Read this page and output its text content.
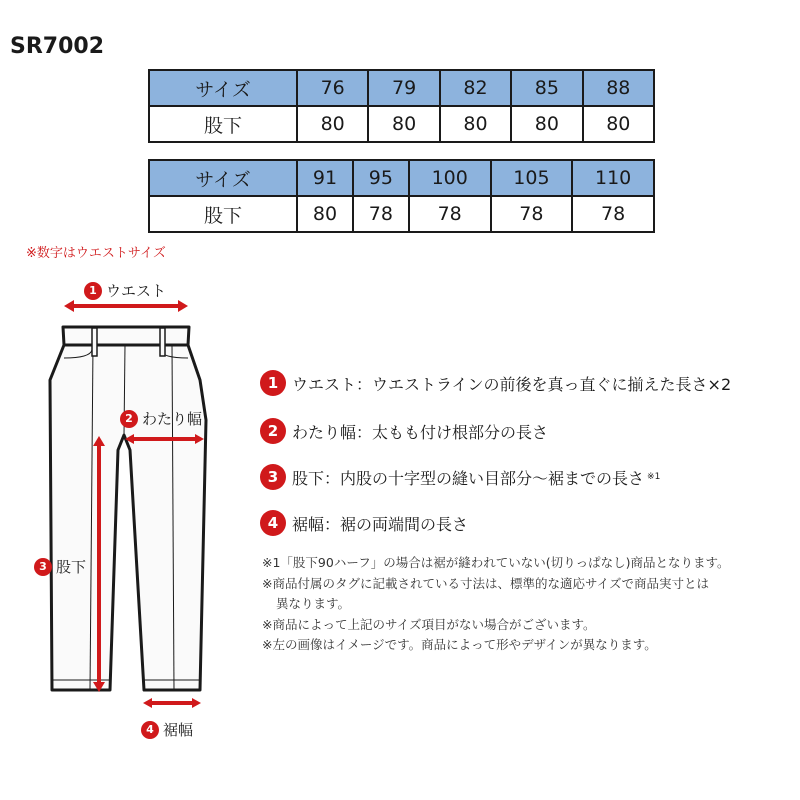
SR7002
サイズ	76	79	82	85	88
股下	80	80	80	80	80
サイズ	91	95	100	105	110
股下	80	78	78	78	78
※数字はウエストサイズ
1 ウエスト
2 わたり幅
3 股下
4 裾幅
1 ウエスト ：ウエストラインの前後を真っ直ぐに揃えた長さ×2
2 わたり幅 ：太もも付け根部分の長さ
3 股下 ：内股の十字型の縫い目部分～裾までの長さ ※1
4 裾幅 ：裾の両端間の長さ
※1「股下90ハーフ」の場合は裾が縫われていない(切りっぱなし)商品となります。
※商品付属のタグに記載されている寸法は、標準的な適応サイズで商品実寸とは
異なります。
※商品によって上記のサイズ項目がない場合がございます。
※左の画像はイメージです。商品によって形やデザインが異なります。
